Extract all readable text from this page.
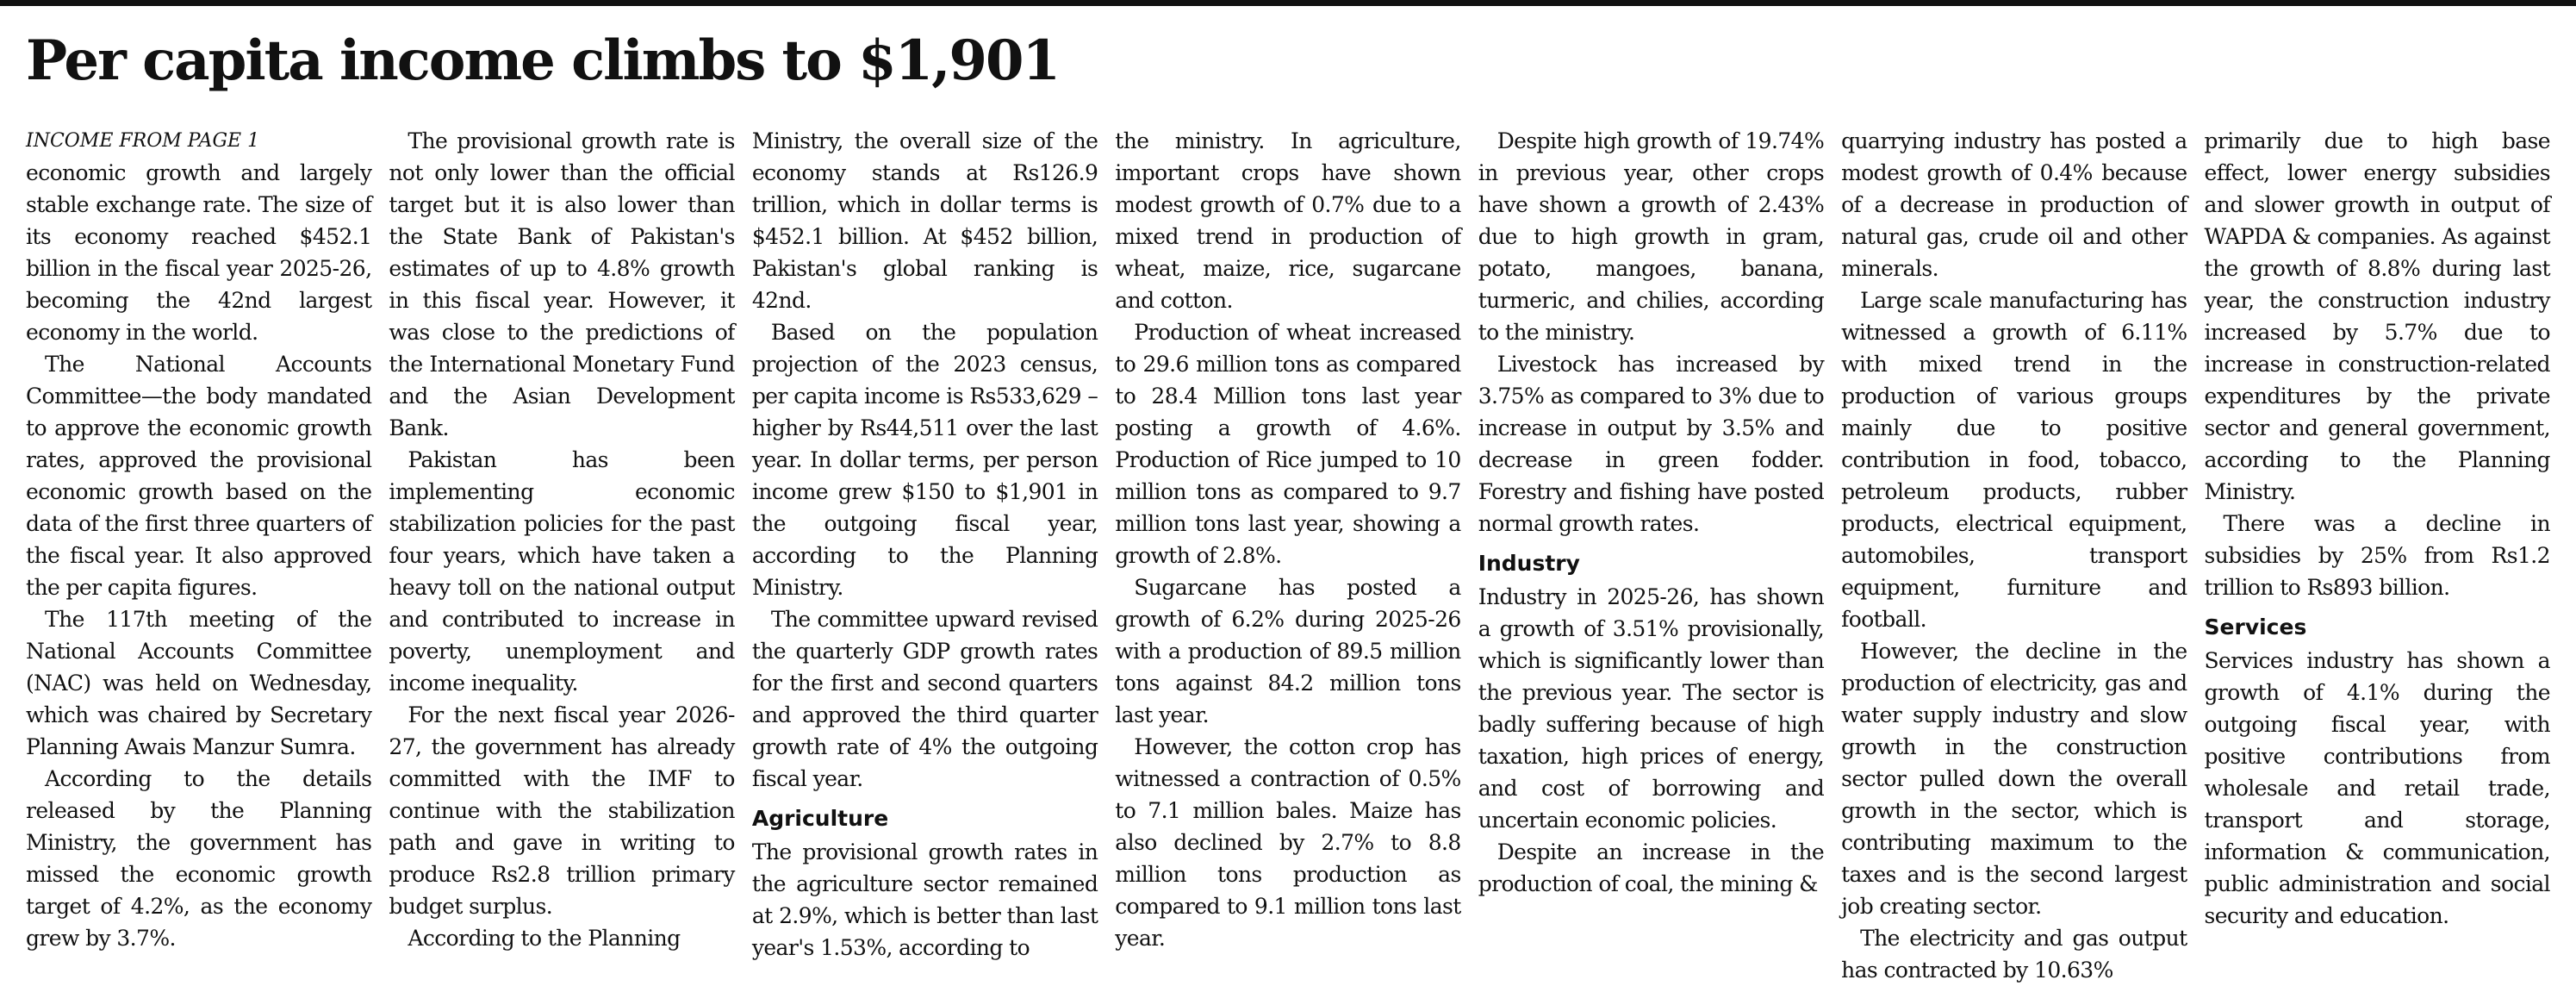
Per capita income climbs to $1,901
INCOME FROM PAGE 1

economic growth and largely stable exchange rate. The size of its economy reached $452.1 billion in the fiscal year 2025-26, becoming the 42nd largest economy in the world.

The National Accounts Committee—the body mandated to approve the economic growth rates, approved the provisional economic growth based on the data of the first three quarters of the fiscal year. It also approved the per capita figures.

The 117th meeting of the National Accounts Committee (NAC) was held on Wednesday, which was chaired by Secretary Planning Awais Manzur Sumra.

According to the details released by the Planning Ministry, the government has missed the economic growth target of 4.2%, as the economy grew by 3.7%.

The provisional growth rate is not only lower than the official target but it is also lower than the State Bank of Pakistan's estimates of up to 4.8% growth in this fiscal year. However, it was close to the predictions of the International Monetary Fund and the Asian Development Bank.

Pakistan has been implementing economic stabilization policies for the past four years, which have taken a heavy toll on the national output and contributed to increase in poverty, unemployment and income inequality.

For the next fiscal year 2026-27, the government has already committed with the IMF to continue with the stabilization path and gave in writing to produce Rs2.8 trillion primary budget surplus.

According to the Planning

Ministry, the overall size of the economy stands at Rs126.9 trillion, which in dollar terms is $452.1 billion. At $452 billion, Pakistan's global ranking is 42nd.

Based on the population projection of the 2023 census, per capita income is Rs533,629 – higher by Rs44,511 over the last year. In dollar terms, per person income grew $150 to $1,901 in the outgoing fiscal year, according to the Planning Ministry.

The committee upward revised the quarterly GDP growth rates for the first and second quarters and approved the third quarter growth rate of 4% the outgoing fiscal year.

Agriculture

The provisional growth rates in the agriculture sector remained at 2.9%, which is better than last year's 1.53%, according to

the ministry. In agriculture, important crops have shown modest growth of 0.7% due to a mixed trend in production of wheat, maize, rice, sugarcane and cotton.

Production of wheat increased to 29.6 million tons as compared to 28.4 Million tons last year posting a growth of 4.6%. Production of Rice jumped to 10 million tons as compared to 9.7 million tons last year, showing a growth of 2.8%.

Sugarcane has posted a growth of 6.2% during 2025-26 with a production of 89.5 million tons against 84.2 million tons last year.

However, the cotton crop has witnessed a contraction of 0.5% to 7.1 million bales. Maize has also declined by 2.7% to 8.8 million tons production as compared to 9.1 million tons last year.

Despite high growth of 19.74% in previous year, other crops have shown a growth of 2.43% due to high growth in gram, potato, mangoes, banana, turmeric, and chilies, according to the ministry.

Livestock has increased by 3.75% as compared to 3% due to increase in output by 3.5% and decrease in green fodder. Forestry and fishing have posted normal growth rates.

Industry

Industry in 2025-26, has shown a growth of 3.51% provisionally, which is significantly lower than the previous year. The sector is badly suffering because of high taxation, high prices of energy, and cost of borrowing and uncertain economic policies.

Despite an increase in the production of coal, the mining &

quarrying industry has posted a modest growth of 0.4% because of a decrease in production of natural gas, crude oil and other minerals.

Large scale manufacturing has witnessed a growth of 6.11% with mixed trend in the production of various groups mainly due to positive contribution in food, tobacco, petroleum products, rubber products, electrical equipment, automobiles, transport equipment, furniture and football.

However, the decline in the production of electricity, gas and water supply industry and slow growth in the construction sector pulled down the overall growth in the sector, which is contributing maximum to the taxes and is the second largest job creating sector.

The electricity and gas output has contracted by 10.63%

primarily due to high base effect, lower energy subsidies and slower growth in output of WAPDA & companies. As against the growth of 8.8% during last year, the construction industry increased by 5.7% due to increase in construction-related expenditures by the private sector and general government, according to the Planning Ministry.

There was a decline in subsidies by 25% from Rs1.2 trillion to Rs893 billion.

Services

Services industry has shown a growth of 4.1% during the outgoing fiscal year, with positive contributions from wholesale and retail trade, transport and storage, information & communication, public administration and social security and education.
